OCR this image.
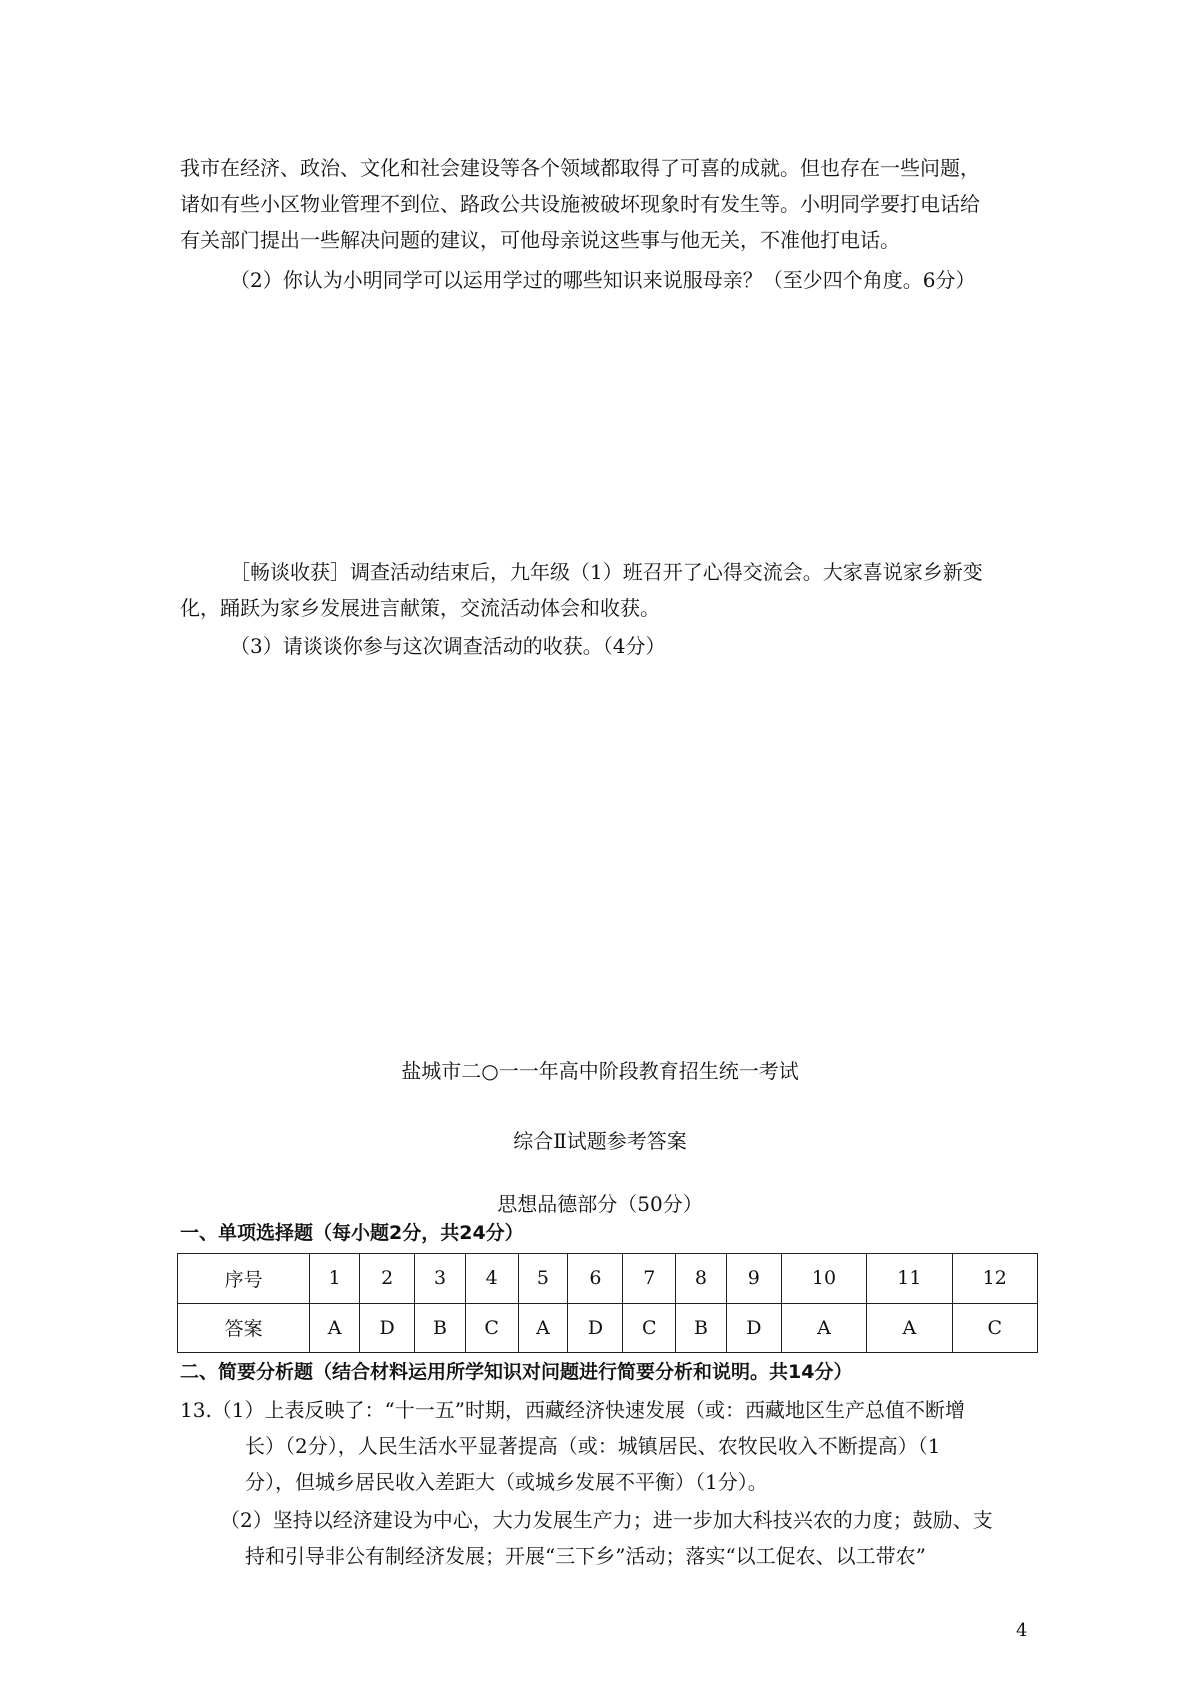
我市在经济、政治、文化和社会建设等各个领域都取得了可喜的成就。但也存在一些问题，
诸如有些小区物业管理不到位、路政公共设施被破坏现象时有发生等。小明同学要打电话给
有关部门提出一些解决问题的建议，可他母亲说这些事与他无关，不准他打电话。
（2）你认为小明同学可以运用学过的哪些知识来说服母亲？（至少四个角度。6分）
［畅谈收获］调查活动结束后，九年级（1）班召开了心得交流会。大家喜说家乡新变
化，踊跃为家乡发展进言献策，交流活动体会和收获。
（3）请谈谈你参与这次调查活动的收获。（4分）
盐城市二○一一年高中阶段教育招生统一考试
综合Ⅱ试题参考答案
思想品德部分（50分）
一、单项选择题（每小题2分，共24分）
序号	1	2	3	4	5	6	7	8	9	10	11	12
答案	A	D	B	C	A	D	C	B	D	A	A	C
二、简要分析题（结合材料运用所学知识对问题进行简要分析和说明。共14分）
13.（1）上表反映了：“十一五”时期，西藏经济快速发展（或：西藏地区生产总值不断增
长）（2分），人民生活水平显著提高（或：城镇居民、农牧民收入不断提高）（1
分），但城乡居民收入差距大（或城乡发展不平衡）（1分）。
（2）坚持以经济建设为中心，大力发展生产力；进一步加大科技兴农的力度；鼓励、支
持和引导非公有制经济发展；开展“三下乡”活动；落实“以工促农、以工带农”
4
